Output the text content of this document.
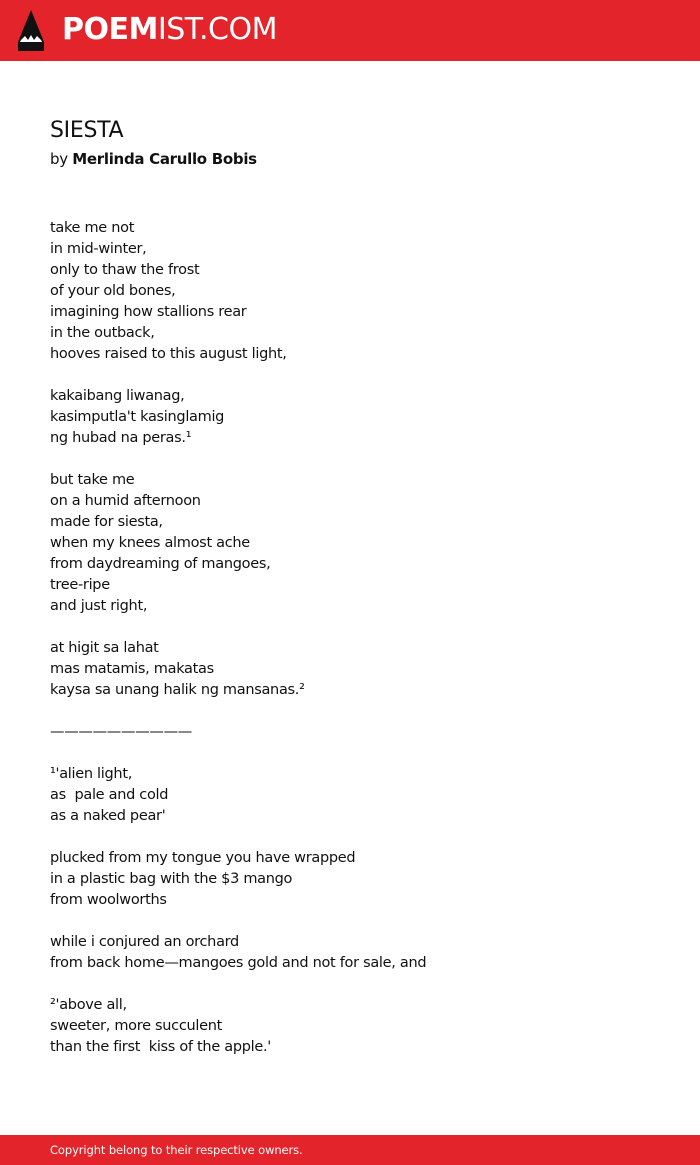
POEMIST.COM
SIESTA
by Merlinda Carullo Bobis
take me not
in mid-winter,
only to thaw the frost
of your old bones,
imagining how stallions rear
in the outback,
hooves raised to this august light,
kakaibang liwanag,
kasimputla't kasinglamig
ng hubad na peras.¹
but take me
on a humid afternoon
made for siesta,
when my knees almost ache
from daydreaming of mangoes,
tree-ripe
and just right,
at higit sa lahat
mas matamis, makatas
kaysa sa unang halik ng mansanas.²
——————————
¹'alien light,
as  pale and cold
as a naked pear'
plucked from my tongue you have wrapped
in a plastic bag with the $3 mango
from woolworths
while i conjured an orchard
from back home—mangoes gold and not for sale, and
²'above all,
sweeter, more succulent
than the first  kiss of the apple.'
Copyright belong to their respective owners.
